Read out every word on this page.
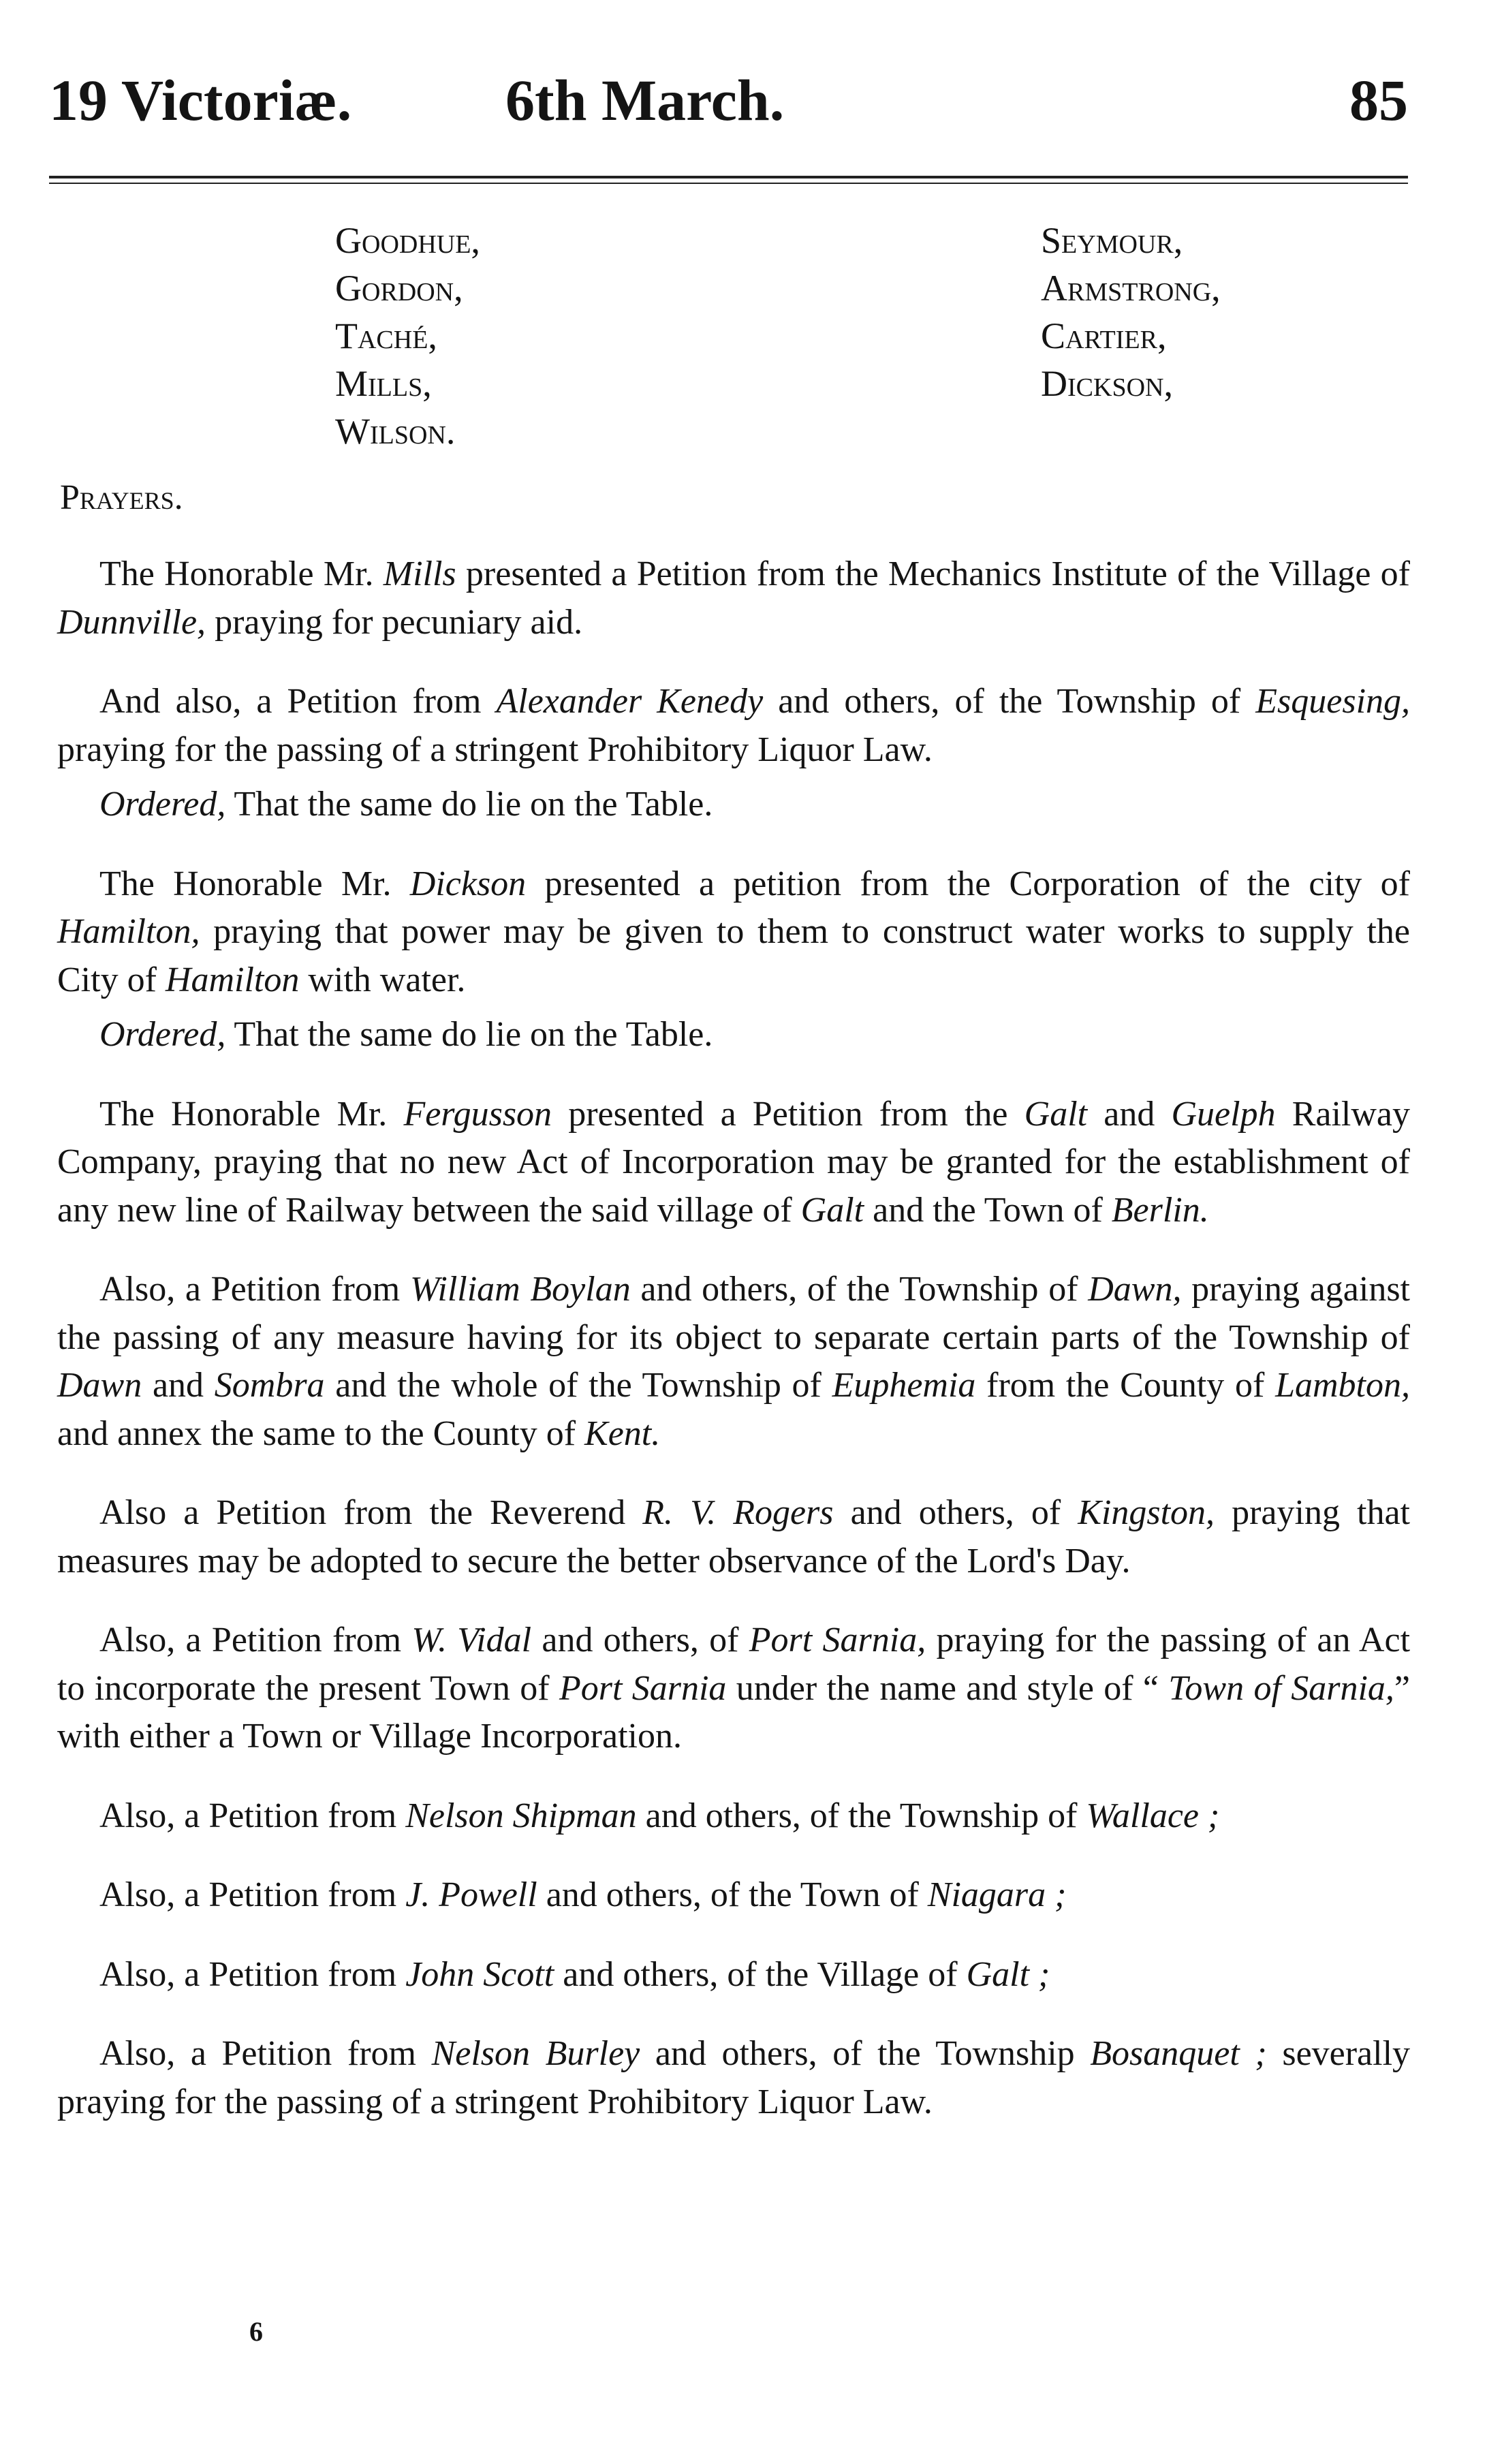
19 Victoriæ.	6th March.	85
Goodhue,
Gordon,
Taché,
Mills,
Wilson.
Seymour,
Armstrong,
Cartier,
Dickson,
Prayers.

The Honorable Mr. Mills presented a Petition from the Mechanics Institute of the Village of Dunnville, praying for pecuniary aid.

And also, a Petition from Alexander Kenedy and others, of the Township of Esquesing, praying for the passing of a stringent Prohibitory Liquor Law.

Ordered, That the same do lie on the Table.

The Honorable Mr. Dickson presented a petition from the Corporation of the city of Hamilton, praying that power may be given to them to construct water works to supply the City of Hamilton with water.

Ordered, That the same do lie on the Table.

The Honorable Mr. Fergusson presented a Petition from the Galt and Guelph Railway Company, praying that no new Act of Incorporation may be granted for the establishment of any new line of Railway between the said village of Galt and the Town of Berlin.

Also, a Petition from William Boylan and others, of the Township of Dawn, praying against the passing of any measure having for its object to separate certain parts of the Township of Dawn and Sombra and the whole of the Township of Euphemia from the County of Lambton, and annex the same to the County of Kent.

Also a Petition from the Reverend R. V. Rogers and others, of Kingston, praying that measures may be adopted to secure the better observance of the Lord's Day.

Also, a Petition from W. Vidal and others, of Port Sarnia, praying for the passing of an Act to incorporate the present Town of Port Sarnia under the name and style of “ Town of Sarnia,” with either a Town or Village Incorporation.

Also, a Petition from Nelson Shipman and others, of the Township of Wallace ;

Also, a Petition from J. Powell and others, of the Town of Niagara ;

Also, a Petition from John Scott and others, of the Village of Galt ;

Also, a Petition from Nelson Burley and others, of the Township Bosanquet ; severally praying for the passing of a stringent Prohibitory Liquor Law.

6
